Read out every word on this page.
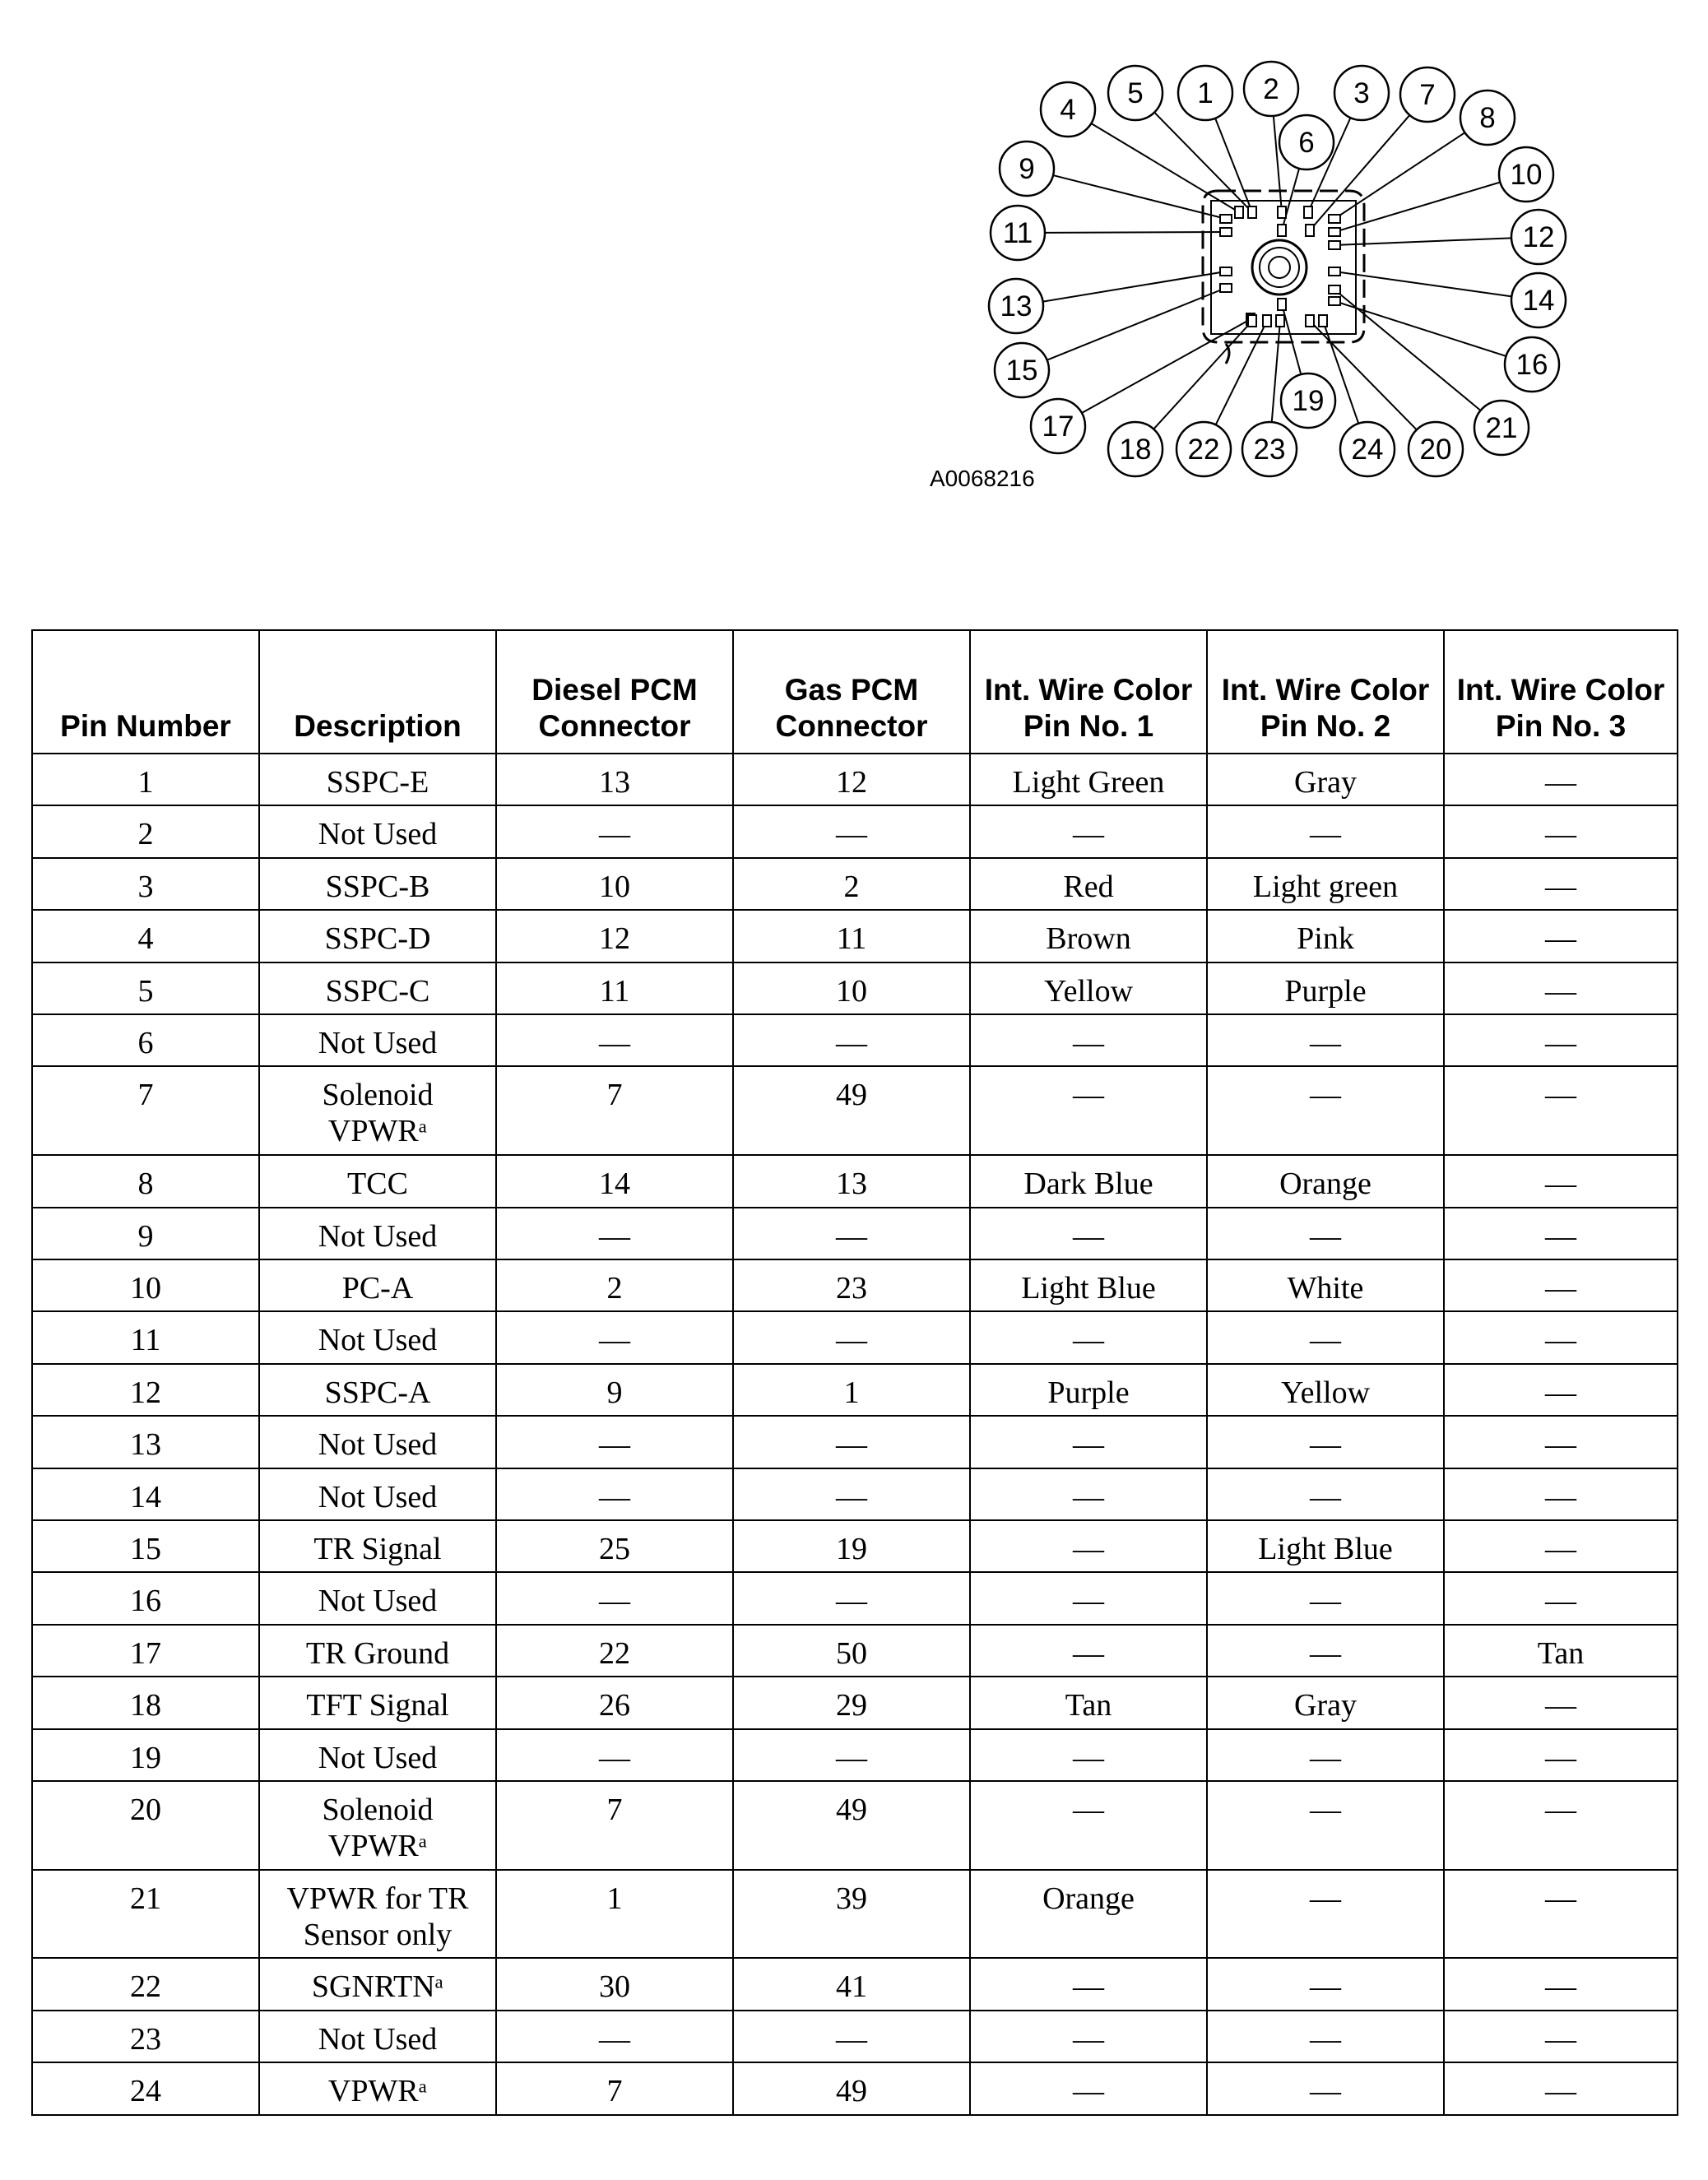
1 2	3
4
5
6
7
8
9	10
11	12
13	14
15	16
17
18
19
20
21
22 23 24
A0068216
Pin Number	Description	Diesel PCM Connector	Gas PCM Connector	Int. Wire Color Pin No. 1	Int. Wire Color Pin No. 2	Int. Wire Color Pin No. 3
1	SSPC-E	13	12	Light Green	Gray	—
2	Not Used	—	—	—	—	—
3	SSPC-B	10	2	Red	Light green	—
4	SSPC-D	12	11	Brown	Pink	—
5	SSPC-C	11	10	Yellow	Purple	—
6	Not Used	—	—	—	—	—
7	Solenoid VPWRᵃ	7	49	—	—	—
8	TCC	14	13	Dark Blue	Orange	—
9	Not Used	—	—	—	—	—
10	PC-A	2	23	Light Blue	White	—
11	Not Used	—	—	—	—	—
12	SSPC-A	9	1	Purple	Yellow	—
13	Not Used	—	—	—	—	—
14	Not Used	—	—	—	—	—
15	TR Signal	25	19	—	Light Blue	—
16	Not Used	—	—	—	—	—
17	TR Ground	22	50	—	—	Tan
18	TFT Signal	26	29	Tan	Gray	—
19	Not Used	—	—	—	—	—
20	Solenoid VPWRᵃ	7	49	—	—	—
21	VPWR for TR Sensor only	1	39	Orange	—	—
22	SGNRTNᵃ	30	41	—	—	—
23	Not Used	—	—	—	—	—
24	VPWRᵃ	7	49	—	—	—
